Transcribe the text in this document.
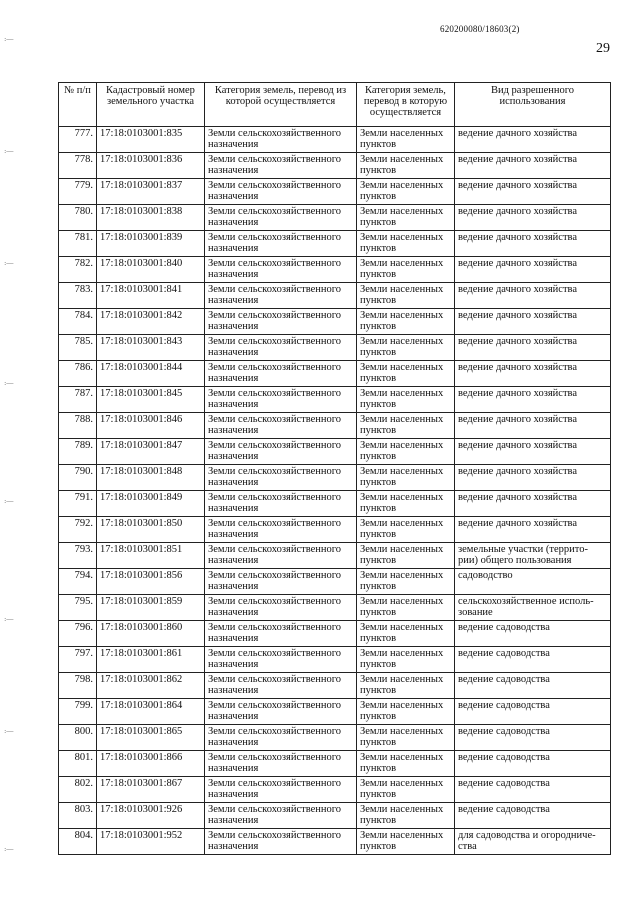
620200080/18603(2)
29
·—·
·—·
·—·
·—·
·—·
·—·
·—·
·—·
№ п/п	Кадастровый номер земельного участка	Категория земель, перевод из которой осуществляется	Категория земель, перевод в которую осуществляется	Вид разрешенного использования
777.	17:18:0103001:835	Земли сельскохозяйственного назначения	Земли населенных пунктов	ведение дачного хозяйства
778.	17:18:0103001:836	Земли сельскохозяйственного назначения	Земли населенных пунктов	ведение дачного хозяйства
779.	17:18:0103001:837	Земли сельскохозяйственного назначения	Земли населенных пунктов	ведение дачного хозяйства
780.	17:18:0103001:838	Земли сельскохозяйственного назначения	Земли населенных пунктов	ведение дачного хозяйства
781.	17:18:0103001:839	Земли сельскохозяйственного назначения	Земли населенных пунктов	ведение дачного хозяйства
782.	17:18:0103001:840	Земли сельскохозяйственного назначения	Земли населенных пунктов	ведение дачного хозяйства
783.	17:18:0103001:841	Земли сельскохозяйственного назначения	Земли населенных пунктов	ведение дачного хозяйства
784.	17:18:0103001:842	Земли сельскохозяйственного назначения	Земли населенных пунктов	ведение дачного хозяйства
785.	17:18:0103001:843	Земли сельскохозяйственного назначения	Земли населенных пунктов	ведение дачного хозяйства
786.	17:18:0103001:844	Земли сельскохозяйственного назначения	Земли населенных пунктов	ведение дачного хозяйства
787.	17:18:0103001:845	Земли сельскохозяйственного назначения	Земли населенных пунктов	ведение дачного хозяйства
788.	17:18:0103001:846	Земли сельскохозяйственного назначения	Земли населенных пунктов	ведение дачного хозяйства
789.	17:18:0103001:847	Земли сельскохозяйственного назначения	Земли населенных пунктов	ведение дачного хозяйства
790.	17:18:0103001:848	Земли сельскохозяйственного назначения	Земли населенных пунктов	ведение дачного хозяйства
791.	17:18:0103001:849	Земли сельскохозяйственного назначения	Земли населенных пунктов	ведение дачного хозяйства
792.	17:18:0103001:850	Земли сельскохозяйственного назначения	Земли населенных пунктов	ведение дачного хозяйства
793.	17:18:0103001:851	Земли сельскохозяйственного назначения	Земли населенных пунктов	земельные участки (террито-рии) общего пользования
794.	17:18:0103001:856	Земли сельскохозяйственного назначения	Земли населенных пунктов	садоводство
795.	17:18:0103001:859	Земли сельскохозяйственного назначения	Земли населенных пунктов	сельскохозяйственное исполь-зование
796.	17:18:0103001:860	Земли сельскохозяйственного назначения	Земли населенных пунктов	ведение садоводства
797.	17:18:0103001:861	Земли сельскохозяйственного назначения	Земли населенных пунктов	ведение садоводства
798.	17:18:0103001:862	Земли сельскохозяйственного назначения	Земли населенных пунктов	ведение садоводства
799.	17:18:0103001:864	Земли сельскохозяйственного назначения	Земли населенных пунктов	ведение садоводства
800.	17:18:0103001:865	Земли сельскохозяйственного назначения	Земли населенных пунктов	ведение садоводства
801.	17:18:0103001:866	Земли сельскохозяйственного назначения	Земли населенных пунктов	ведение садоводства
802.	17:18:0103001:867	Земли сельскохозяйственного назначения	Земли населенных пунктов	ведение садоводства
803.	17:18:0103001:926	Земли сельскохозяйственного назначения	Земли населенных пунктов	ведение садоводства
804.	17:18:0103001:952	Земли сельскохозяйственного назначения	Земли населенных пунктов	для садоводства и огородниче-ства
